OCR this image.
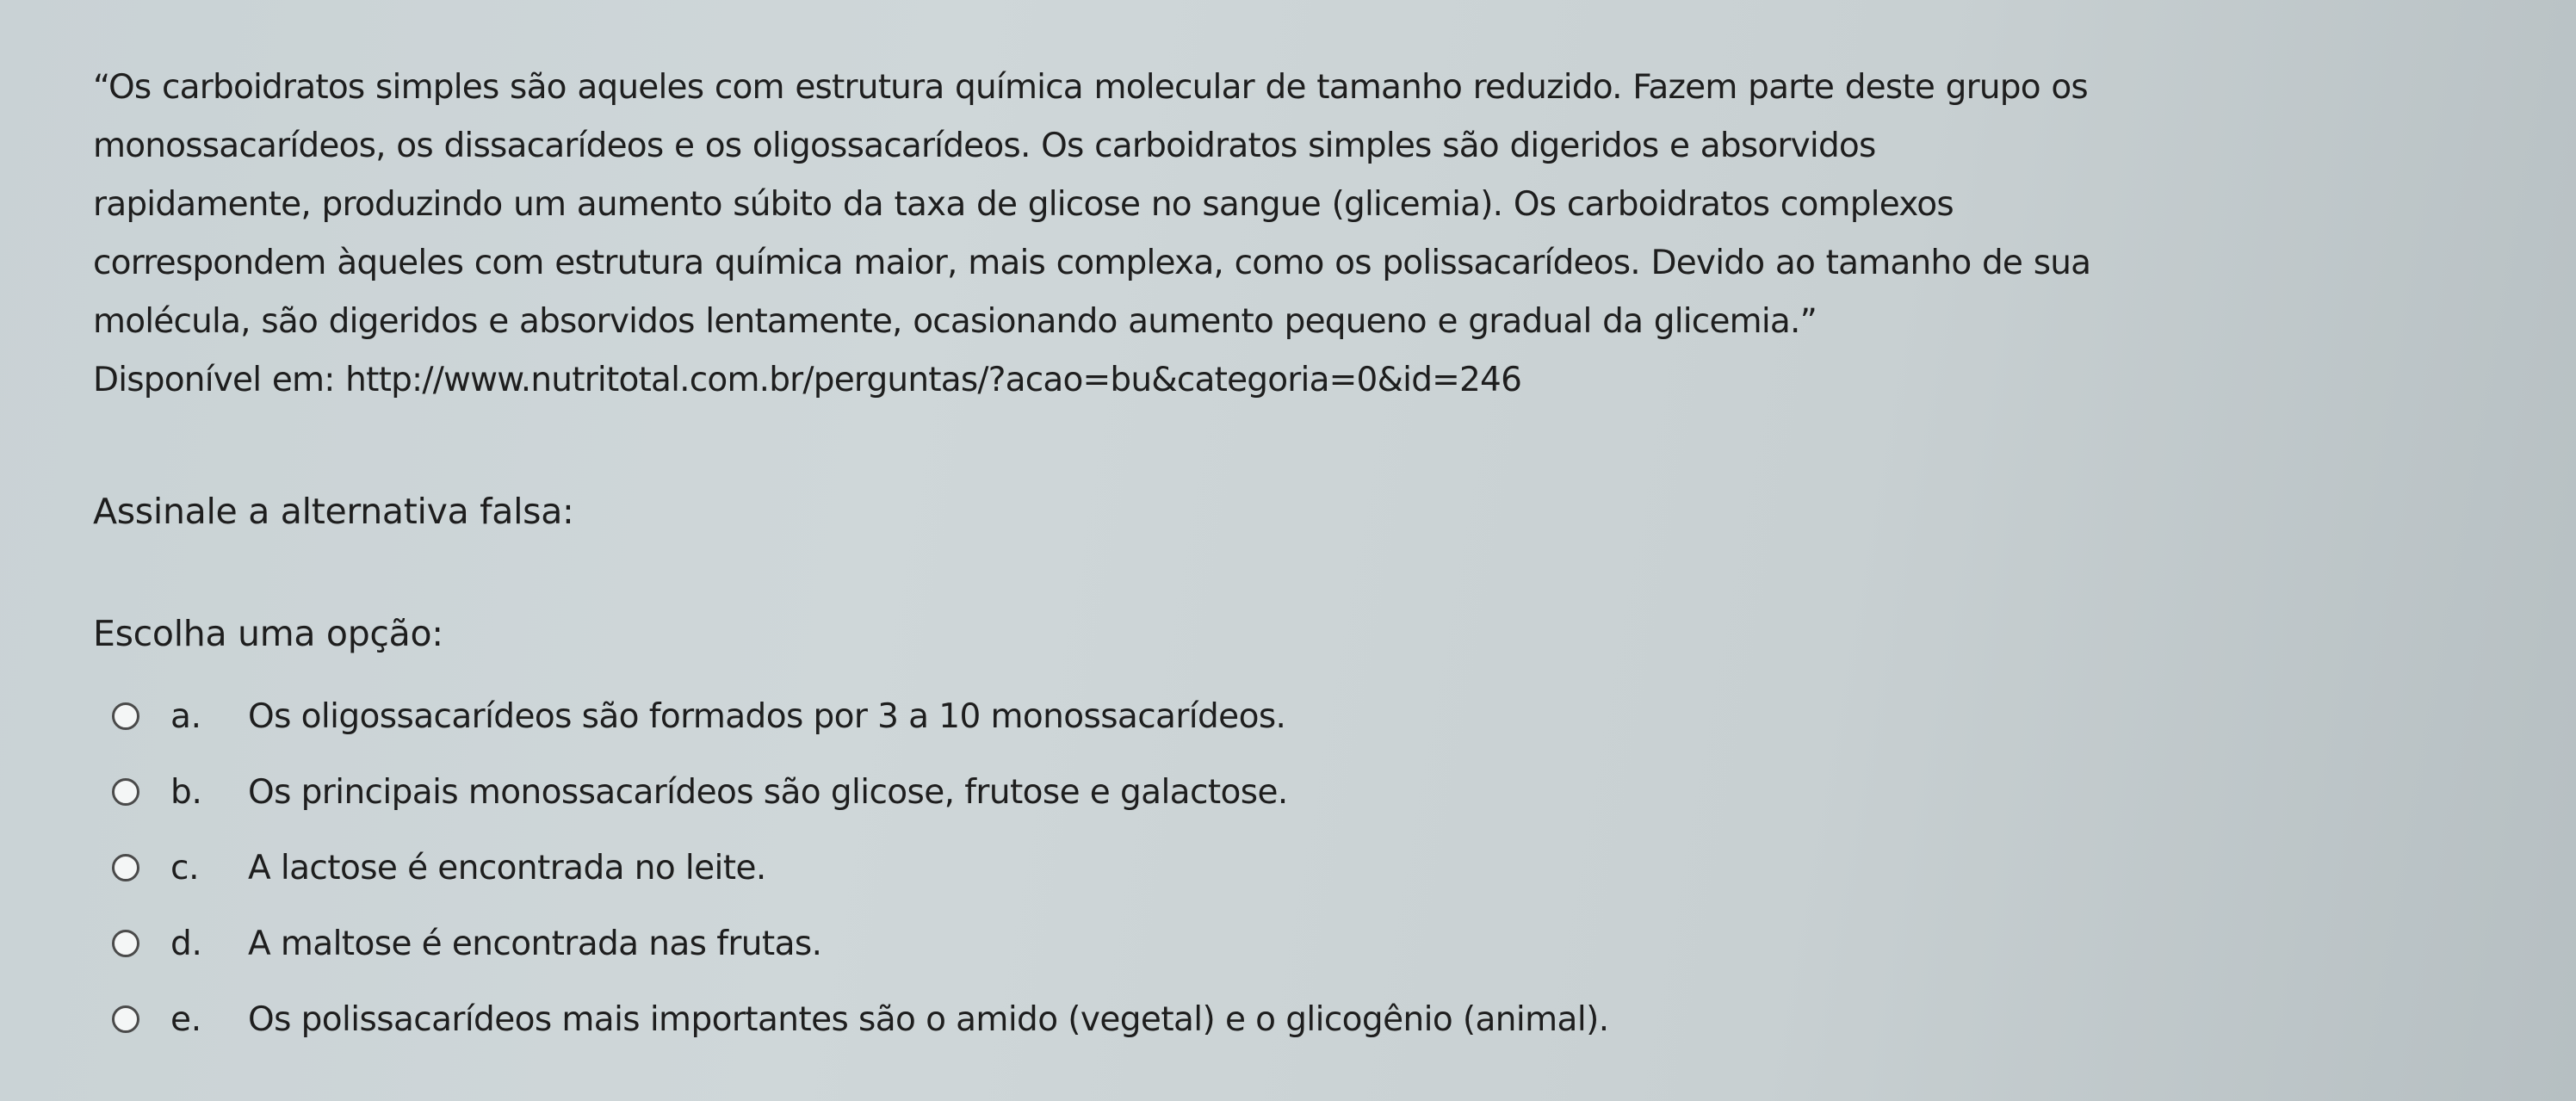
“Os carboidratos simples são aqueles com estrutura química molecular de tamanho reduzido. Fazem parte deste grupo os

monossacarídeos, os dissacarídeos e os oligossacarídeos. Os carboidratos simples são digeridos e absorvidos

rapidamente, produzindo um aumento súbito da taxa de glicose no sangue (glicemia). Os carboidratos complexos

correspondem àqueles com estrutura química maior, mais complexa, como os polissacarídeos. Devido ao tamanho de sua

molécula, são digeridos e absorvidos lentamente, ocasionando aumento pequeno e gradual da glicemia.”

Disponível em: http://www.nutritotal.com.br/perguntas/?acao=bu&categoria=0&id=246

Assinale a alternativa falsa:
Escolha uma opção:
a.	Os oligossacarídeos são formados por 3 a 10 monossacarídeos.
b.	Os principais monossacarídeos são glicose, frutose e galactose.
c.	A lactose é encontrada no leite.
d.	A maltose é encontrada nas frutas.
e.	Os polissacarídeos mais importantes são o amido (vegetal) e o glicogênio (animal).
